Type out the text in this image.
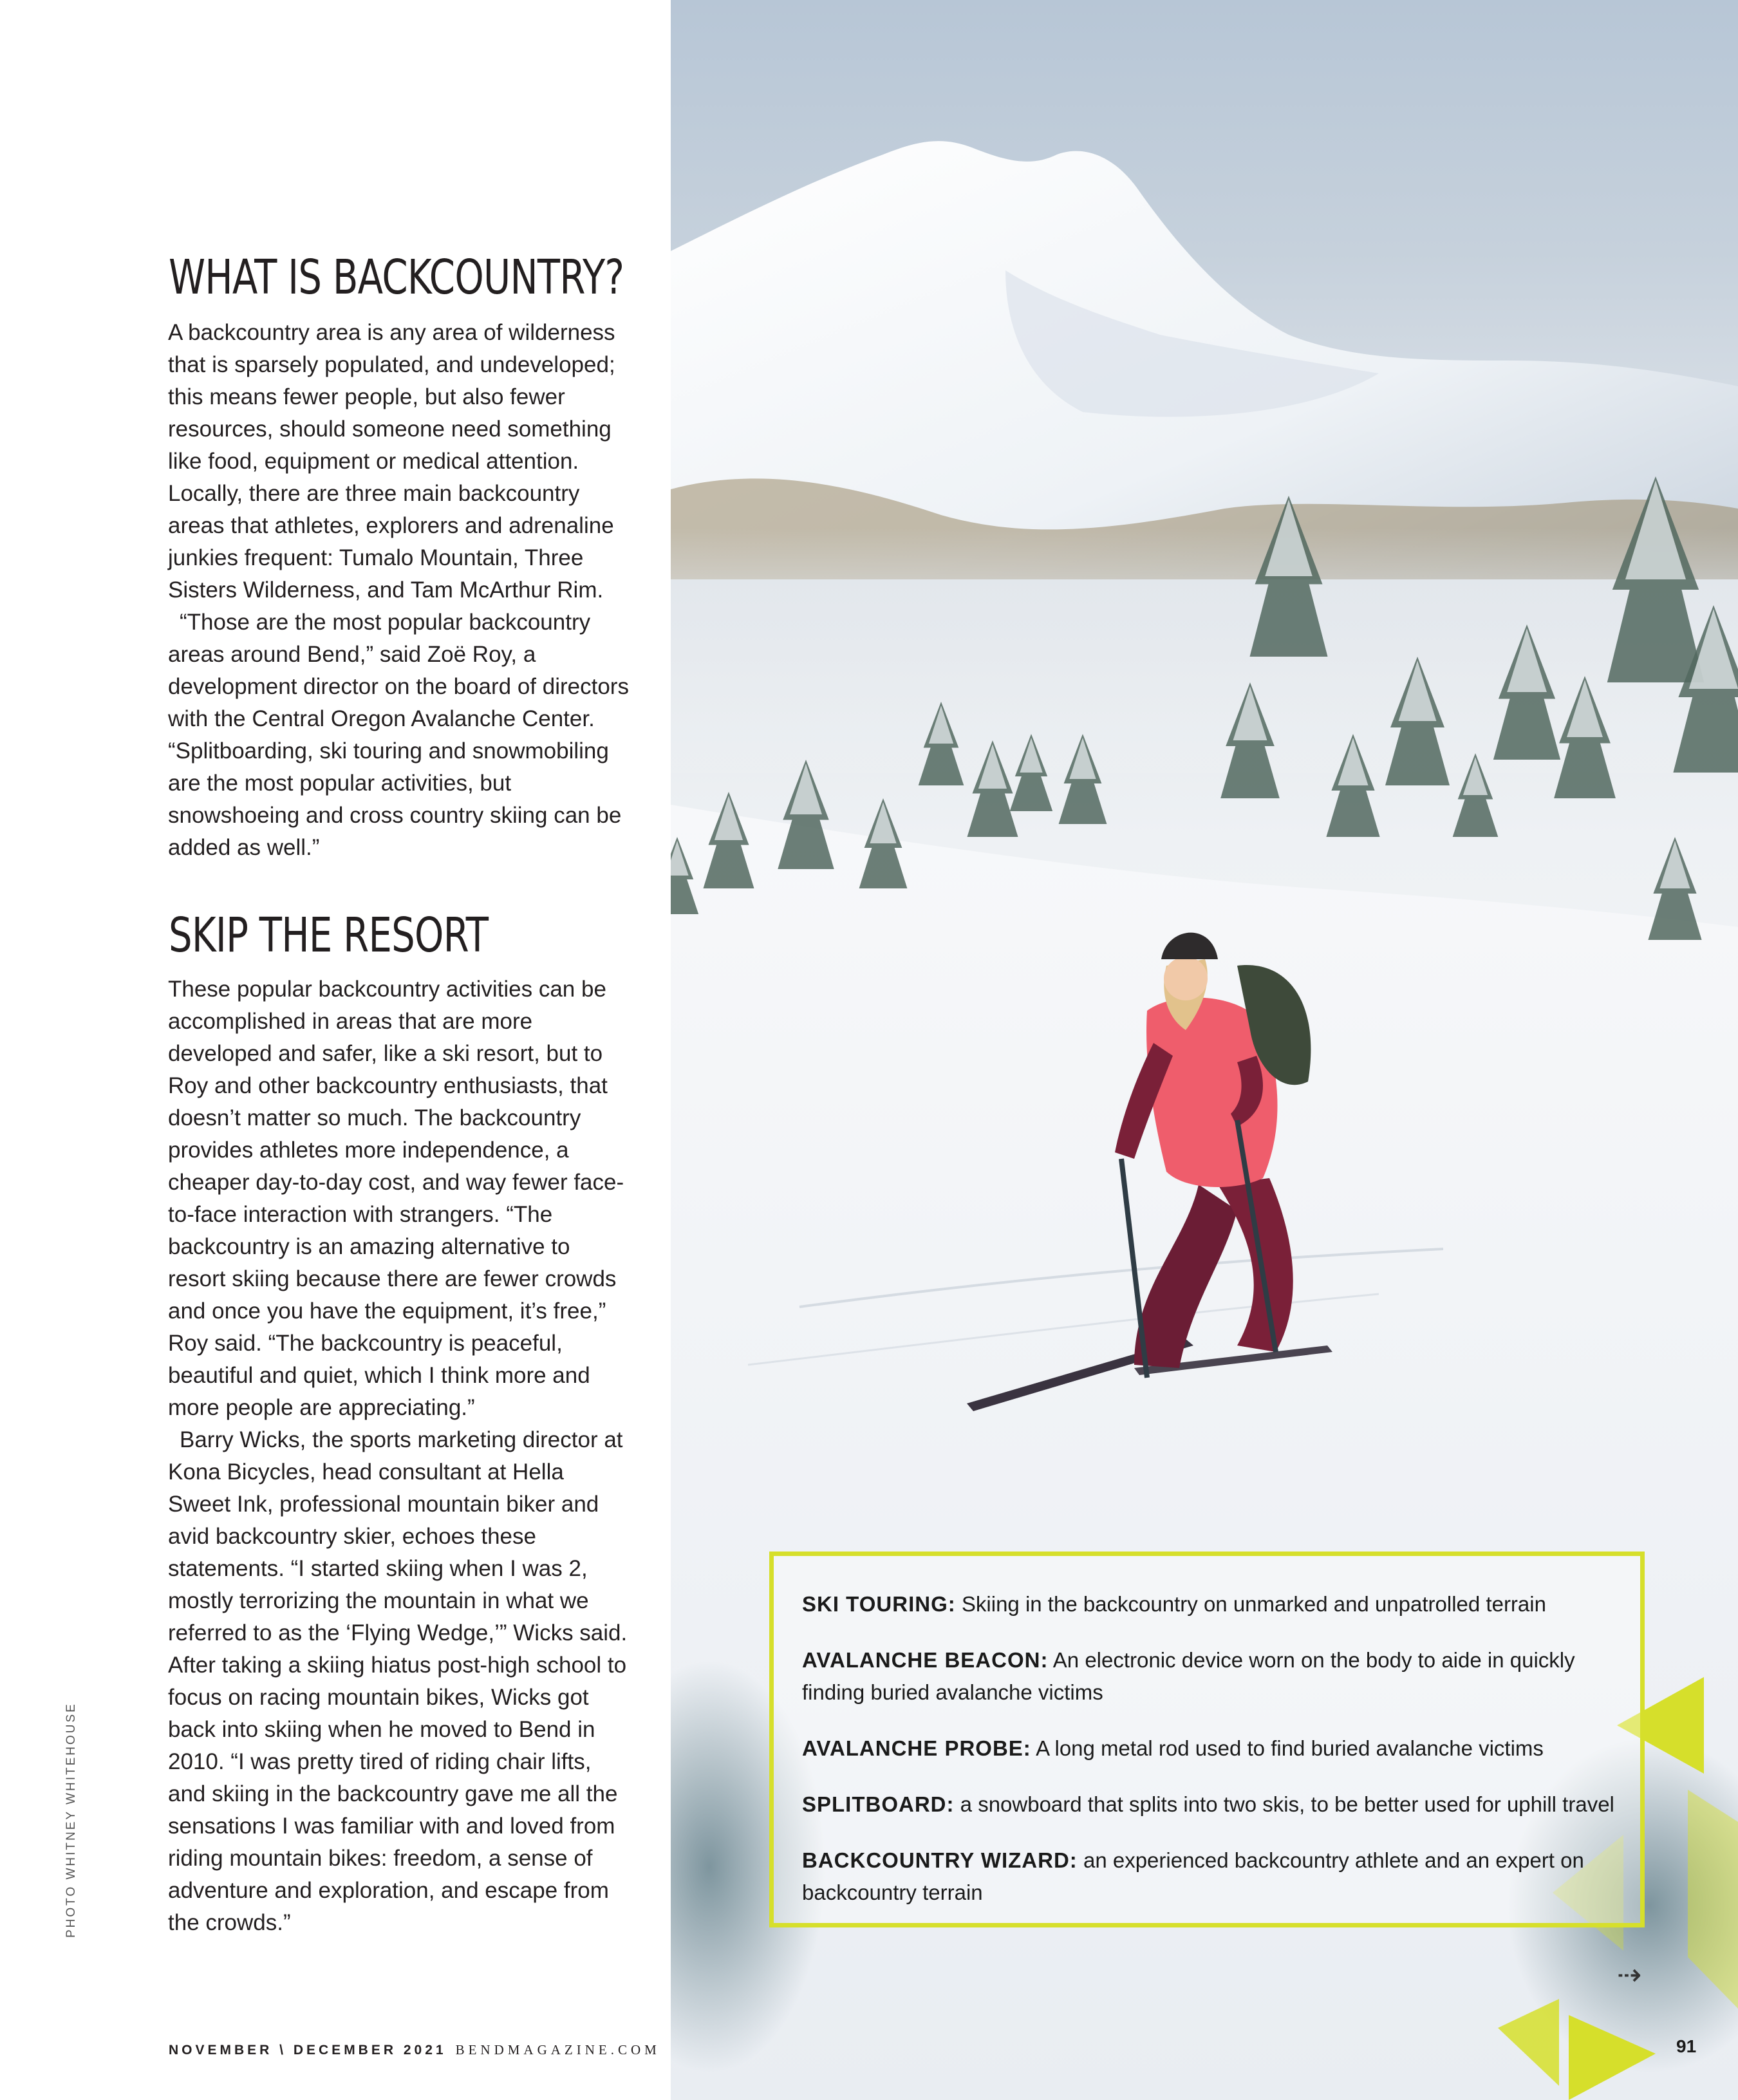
WHAT IS BACKCOUNTRY?

A backcountry area is any area of wilderness that is sparsely populated, and undeveloped; this means fewer people, but also fewer resources, should someone need something like food, equipment or medical attention. Locally, there are three main backcountry areas that athletes, explorers and adrenaline junkies frequent: Tumalo Mountain, Three Sisters Wilderness, and Tam McArthur Rim.

“Those are the most popular backcountry areas around Bend,” said Zoë Roy, a development director on the board of directors with the Central Oregon Avalanche Center. “Splitboarding, ski touring and snowmobiling are the most popular activities, but snowshoeing and cross country skiing can be added as well.”

SKIP THE RESORT

These popular backcountry activities can be accomplished in areas that are more developed and safer, like a ski resort, but to Roy and other backcountry enthusiasts, that doesn’t matter so much. The backcountry provides athletes more independence, a cheaper day-to-day cost, and way fewer face-to-face interaction with strangers. “The backcountry is an amazing alternative to resort skiing because there are fewer crowds and once you have the equipment, it’s free,” Roy said. “The backcountry is peaceful, beautiful and quiet, which I think more and more people are appreciating.”

Barry Wicks, the sports marketing director at Kona Bicycles, head consultant at Hella Sweet Ink, professional mountain biker and avid backcountry skier, echoes these statements. “I started skiing when I was 2, mostly terrorizing the mountain in what we referred to as the ‘Flying Wedge,’” Wicks said. After taking a skiing hiatus post-high school to focus on racing mountain bikes, Wicks got back into skiing when he moved to Bend in 2010. “I was pretty tired of riding chair lifts, and skiing in the backcountry gave me all the sensations I was familiar with and loved from riding mountain bikes: freedom, a sense of adventure and exploration, and escape from the crowds.”

PHOTO WHITNEY WHITEHOUSE
NOVEMBER \ DECEMBER 2021 BENDMAGAZINE.COM
SKI TOURING: Skiing in the backcountry on unmarked and unpatrolled terrain
AVALANCHE BEACON: An electronic device worn on the body to aide in quickly finding buried avalanche victims
AVALANCHE PROBE: A long metal rod used to find buried avalanche victims
SPLITBOARD: a snowboard that splits into two skis, to be better used for uphill travel
BACKCOUNTRY WIZARD: an experienced backcountry athlete and an expert on backcountry terrain
⇢
91
